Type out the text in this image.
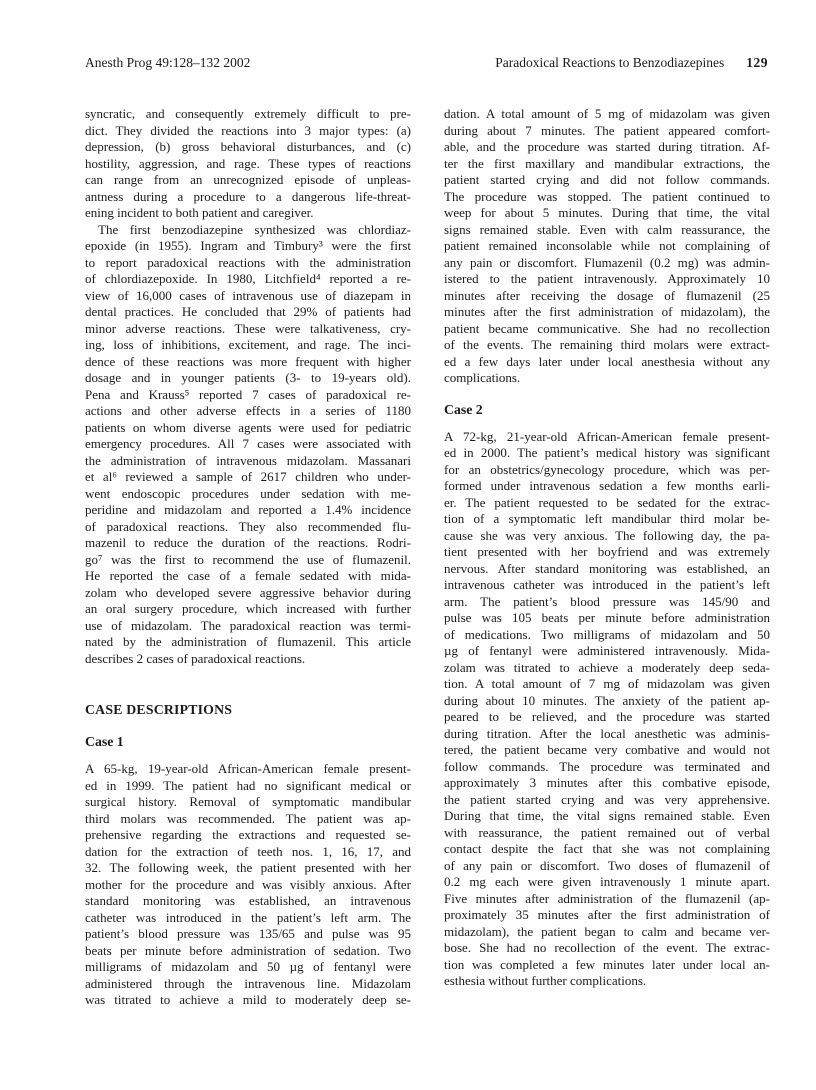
Anesth Prog 49:128–132 2002	Paradoxical Reactions to Benzodiazepines 129
syncratic, and consequently extremely difficult to pre-
dict. They divided the reactions into 3 major types: (a)
depression, (b) gross behavioral disturbances, and (c)
hostility, aggression, and rage. These types of reactions
can range from an unrecognized episode of unpleas-
antness during a procedure to a dangerous life-threat-
ening incident to both patient and caregiver.
The first benzodiazepine synthesized was chlordiaz-
epoxide (in 1955). Ingram and Timbury³ were the first
to report paradoxical reactions with the administration
of chlordiazepoxide. In 1980, Litchfield⁴ reported a re-
view of 16,000 cases of intravenous use of diazepam in
dental practices. He concluded that 29% of patients had
minor adverse reactions. These were talkativeness, cry-
ing, loss of inhibitions, excitement, and rage. The inci-
dence of these reactions was more frequent with higher
dosage and in younger patients (3- to 19-years old).
Pena and Krauss⁵ reported 7 cases of paradoxical re-
actions and other adverse effects in a series of 1180
patients on whom diverse agents were used for pediatric
emergency procedures. All 7 cases were associated with
the administration of intravenous midazolam. Massanari
et al⁶ reviewed a sample of 2617 children who under-
went endoscopic procedures under sedation with me-
peridine and midazolam and reported a 1.4% incidence
of paradoxical reactions. They also recommended flu-
mazenil to reduce the duration of the reactions. Rodri-
go⁷ was the first to recommend the use of flumazenil.
He reported the case of a female sedated with mida-
zolam who developed severe aggressive behavior during
an oral surgery procedure, which increased with further
use of midazolam. The paradoxical reaction was termi-
nated by the administration of flumazenil. This article
describes 2 cases of paradoxical reactions.
CASE DESCRIPTIONS
Case 1
A 65-kg, 19-year-old African-American female present-
ed in 1999. The patient had no significant medical or
surgical history. Removal of symptomatic mandibular
third molars was recommended. The patient was ap-
prehensive regarding the extractions and requested se-
dation for the extraction of teeth nos. 1, 16, 17, and
32. The following week, the patient presented with her
mother for the procedure and was visibly anxious. After
standard monitoring was established, an intravenous
catheter was introduced in the patient’s left arm. The
patient’s blood pressure was 135/65 and pulse was 95
beats per minute before administration of sedation. Two
milligrams of midazolam and 50 µg of fentanyl were
administered through the intravenous line. Midazolam
was titrated to achieve a mild to moderately deep se-
dation. A total amount of 5 mg of midazolam was given
during about 7 minutes. The patient appeared comfort-
able, and the procedure was started during titration. Af-
ter the first maxillary and mandibular extractions, the
patient started crying and did not follow commands.
The procedure was stopped. The patient continued to
weep for about 5 minutes. During that time, the vital
signs remained stable. Even with calm reassurance, the
patient remained inconsolable while not complaining of
any pain or discomfort. Flumazenil (0.2 mg) was admin-
istered to the patient intravenously. Approximately 10
minutes after receiving the dosage of flumazenil (25
minutes after the first administration of midazolam), the
patient became communicative. She had no recollection
of the events. The remaining third molars were extract-
ed a few days later under local anesthesia without any
complications.
Case 2
A 72-kg, 21-year-old African-American female present-
ed in 2000. The patient’s medical history was significant
for an obstetrics/gynecology procedure, which was per-
formed under intravenous sedation a few months earli-
er. The patient requested to be sedated for the extrac-
tion of a symptomatic left mandibular third molar be-
cause she was very anxious. The following day, the pa-
tient presented with her boyfriend and was extremely
nervous. After standard monitoring was established, an
intravenous catheter was introduced in the patient’s left
arm. The patient’s blood pressure was 145/90 and
pulse was 105 beats per minute before administration
of medications. Two milligrams of midazolam and 50
µg of fentanyl were administered intravenously. Mida-
zolam was titrated to achieve a moderately deep seda-
tion. A total amount of 7 mg of midazolam was given
during about 10 minutes. The anxiety of the patient ap-
peared to be relieved, and the procedure was started
during titration. After the local anesthetic was adminis-
tered, the patient became very combative and would not
follow commands. The procedure was terminated and
approximately 3 minutes after this combative episode,
the patient started crying and was very apprehensive.
During that time, the vital signs remained stable. Even
with reassurance, the patient remained out of verbal
contact despite the fact that she was not complaining
of any pain or discomfort. Two doses of flumazenil of
0.2 mg each were given intravenously 1 minute apart.
Five minutes after administration of the flumazenil (ap-
proximately 35 minutes after the first administration of
midazolam), the patient began to calm and became ver-
bose. She had no recollection of the event. The extrac-
tion was completed a few minutes later under local an-
esthesia without further complications.
